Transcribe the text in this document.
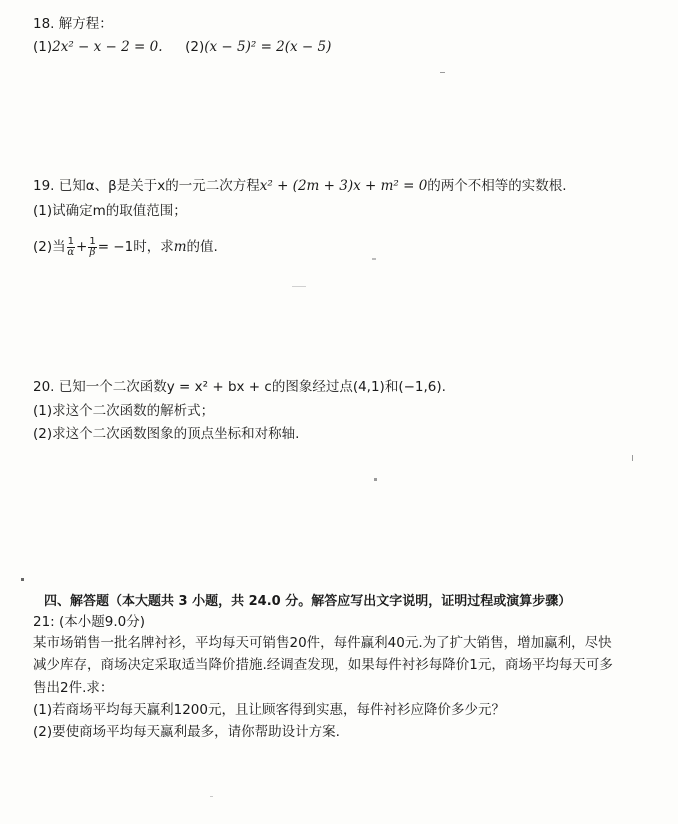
18. 解方程：
(1)2x² − x − 2 = 0. (2)(x − 5)² = 2(x − 5)
19. 已知α、β是关于x的一元二次方程x² + (2m + 3)x + m² = 0的两个不相等的实数根.
(1)试确定m的取值范围；
(2)当 $\frac{1}{\alpha} + \frac{1}{\beta} = -1$时，求m的值.
20. 已知一个二次函数y = x² + bx + c的图象经过点(4,1)和(−1,6).
(1)求这个二次函数的解析式；
(2)求这个二次函数图象的顶点坐标和对称轴.
四、解答题（本大题共 3 小题，共 24.0 分。解答应写出文字说明，证明过程或演算步骤）
21: (本小题9.0分)
某市场销售一批名牌衬衫，平均每天可销售20件，每件赢利40元.为了扩大销售，增加赢利，尽快
减少库存，商场决定采取适当降价措施.经调查发现，如果每件衬衫每降价1元，商场平均每天可多
售出2件.求：
(1)若商场平均每天赢利1200元，且让顾客得到实惠，每件衬衫应降价多少元？
(2)要使商场平均每天赢利最多，请你帮助设计方案.
